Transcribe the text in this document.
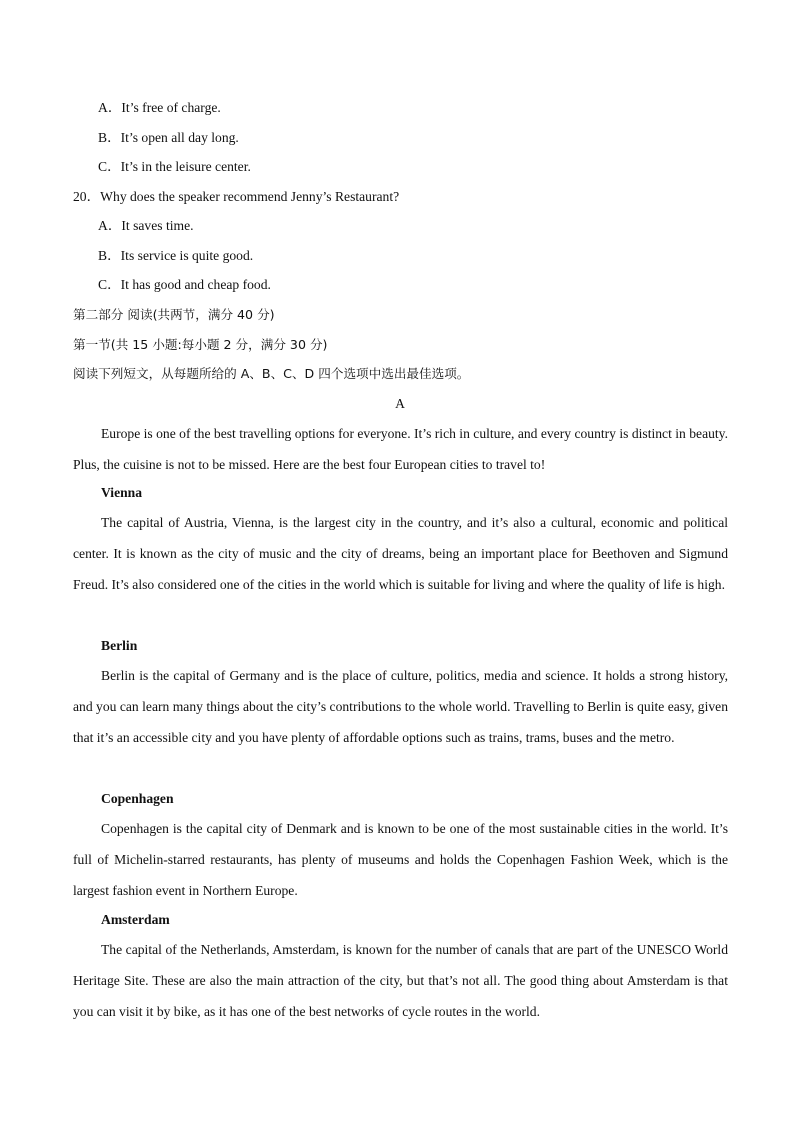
A．It’s free of charge.
B．It’s open all day long.
C．It’s in the leisure center.
20．Why does the speaker recommend Jenny’s Restaurant?
A．It saves time.
B．Its service is quite good.
C．It has good and cheap food.
第二部分 阅读(共两节，满分 40 分)
第一节(共 15 小题:每小题 2 分，满分 30 分)
阅读下列短文，从每题所给的 A、B、C、D 四个选项中选出最佳选项。
A
Europe is one of the best travelling options for everyone. It’s rich in culture, and every country is distinct in beauty. Plus, the cuisine is not to be missed. Here are the best four European cities to travel to!
Vienna
The capital of Austria, Vienna, is the largest city in the country, and it’s also a cultural, economic and political center. It is known as the city of music and the city of dreams, being an important place for Beethoven and Sigmund Freud. It’s also considered one of the cities in the world which is suitable for living and where the quality of life is high.
Berlin
Berlin is the capital of Germany and is the place of culture, politics, media and science. It holds a strong history, and you can learn many things about the city’s contributions to the whole world. Travelling to Berlin is quite easy, given that it’s an accessible city and you have plenty of affordable options such as trains, trams, buses and the metro.
Copenhagen
Copenhagen is the capital city of Denmark and is known to be one of the most sustainable cities in the world. It’s full of Michelin-starred restaurants, has plenty of museums and holds the Copenhagen Fashion Week, which is the largest fashion event in Northern Europe.
Amsterdam
The capital of the Netherlands, Amsterdam, is known for the number of canals that are part of the UNESCO World Heritage Site. These are also the main attraction of the city, but that’s not all. The good thing about Amsterdam is that you can visit it by bike, as it has one of the best networks of cycle routes in the world.
